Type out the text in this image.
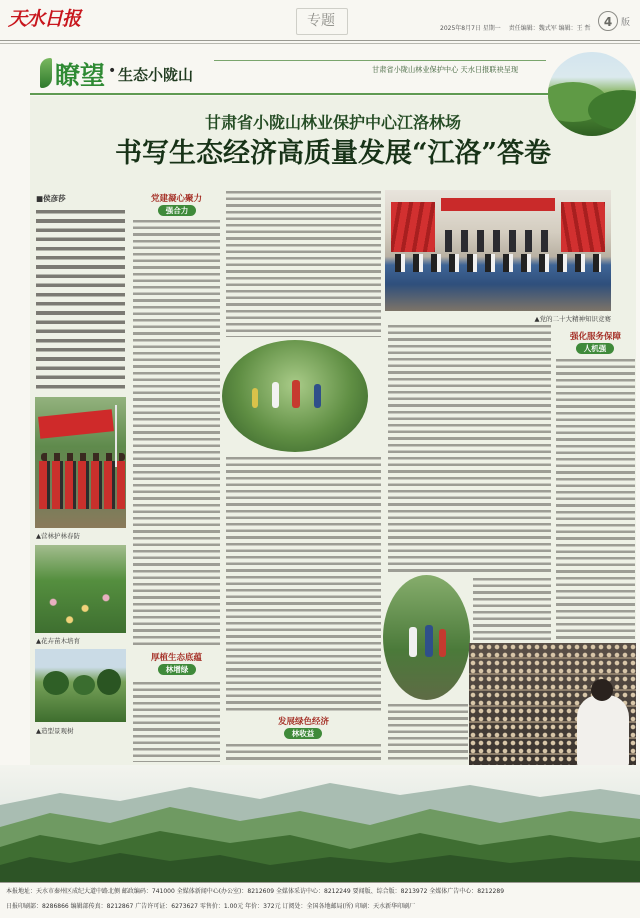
天水日报	专题	2025年8月7日 星期一 责任编辑：魏式军 编辑：王 哲	4 版
瞭望 • 生态小陇山	甘肃省小陇山林业保护中心 天水日报联袂呈现
甘肃省小陇山林业保护中心江洛林场
书写生态经济高质量发展“江洛”答卷
■侯彦莎
▲营林护林春防
▲花卉苗木培育
▲造型景观树
党建凝心聚力
强合力
厚植生态底蕴
林增绿
发展绿色经济
林收益
▲党的二十大精神知识竞赛
强化服务保障
人机强
本报地址：天水市秦州区成纪大道中路北侧 邮政编码：741000 全媒体新闻中心(办公室)：8212609 全媒体采访中心：8212249 要闻版、综合版：8213972 全媒体广告中心：8212289
日报印刷部：8286866 编辑部传真：8212867 广告许可证：6273627 零售价：1.00元 年价：372元 订阅处：全国各地邮局(所) 印刷：天水新华印刷厂
